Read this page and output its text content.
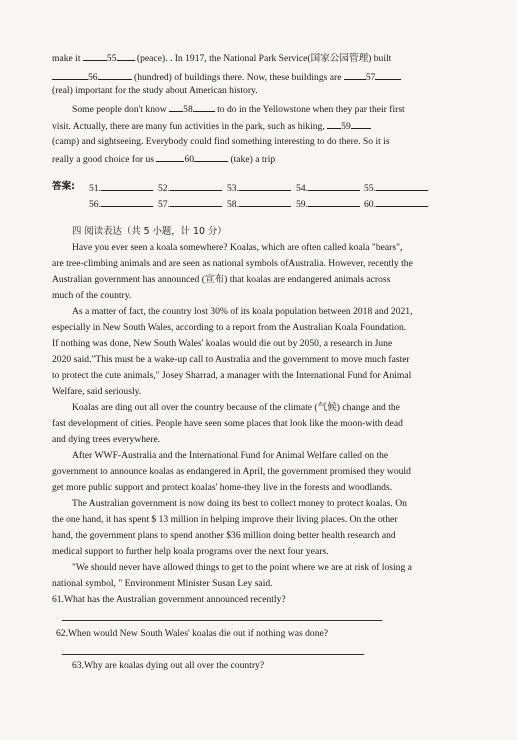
make it	55 (peace). . In 1917, the National Park Service(国家公园管理) built
56	(hundred) of buildings there. Now, these buildings are	57
(real) important for the study about American history.
Some people don't know 58	to do in the Yellowstone when they par their first
visit. Actually, there are many fun activities in the park, such as hiking, 59
(camp) and sightseeing. Everybody could find something interesting to do there. So it is
really a good choice for us	60	(take) a trip
答案: 51.	52.	53.	54.	55.
56.	57.	58.	59.	60.
四 阅读表达（共 5 小题，计 10 分）
Have you ever seen a koala somewhere? Koalas, which are often called koala "bears",
are tree-climbing animals and are seen as national symbols ofAustralia. However, recently the
Australian government has announced (宣布) that koalas are endangered animals across
much of the country.
As a matter of fact, the country lost 30% of its koala population between 2018 and 2021,
especially in New South Wales, according to a report from the Australian Koala Foundation.
If nothing was done, New South Wales' koalas would die out by 2050, a research in June
2020 said."This must be a wake-up call to Australia and the government to move much faster
to protect the cute animals," Josey Sharrad, a manager with the International Fund for Animal
Welfare, said seriously.
Koalas are ding out all over the country because of the climate (气候) change and the
fast development of cities. People have seen some places that look like the moon-with dead
and dying trees everywhere.
After WWF-Australia and the International Fund for Animal Welfare called on the
government to announce koalas as endangered in April, the government promised they would
get more public support and protect koalas' home-they live in the forests and woodlands.
The Australian government is now doing its best to collect money to protect koalas. On
the one hand, it has spent $ 13 million in helping improve their living places. On the other
hand, the government plans to spend another $36 million doing better health research and
medical support to further help koala programs over the next four years.
"We should never have allowed things to get to the point where we are at risk of losing a
national symbol, " Environment Minister Susan Ley said.
61.What has the Australian government announced recently?
62.When would New South Wales' koalas die out if nothing was done?
63.Why are koalas dying out all over the country?
